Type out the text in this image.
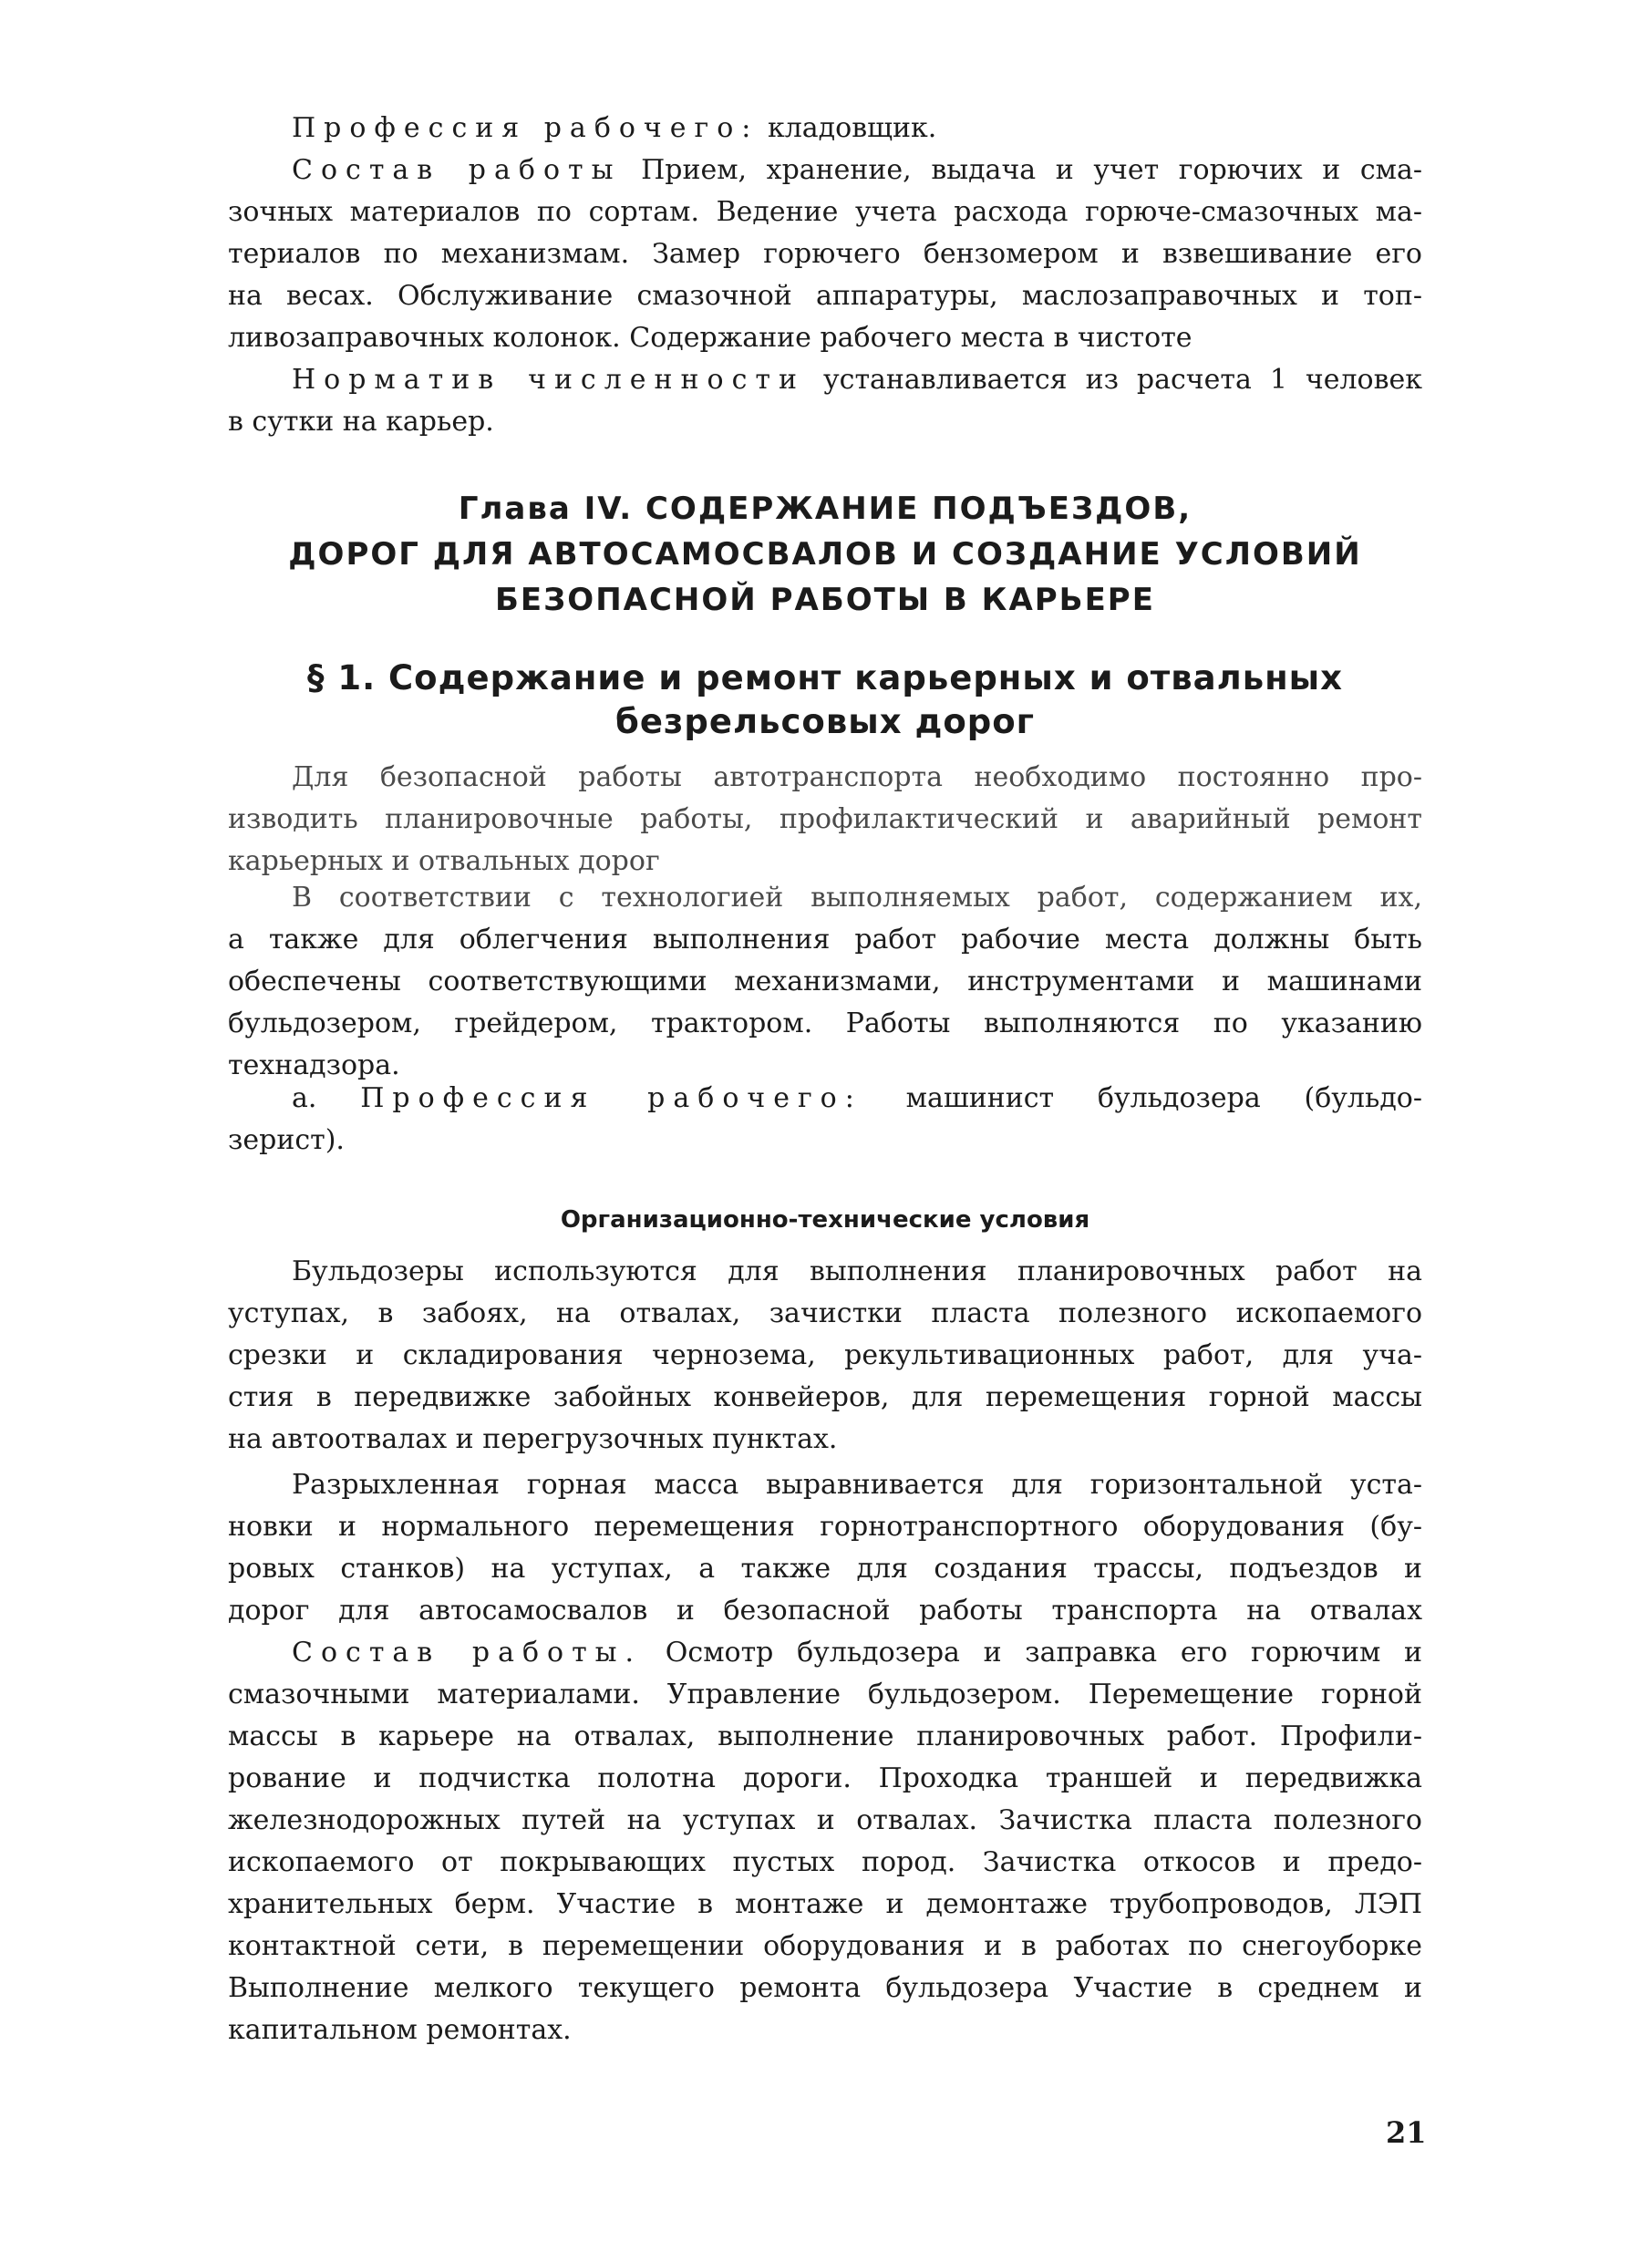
Профессия рабочего: кладовщик.

Состав работы Прием, хранение, выдача и учет горючих и сма-

зочных материалов по сортам. Ведение учета расхода горюче-смазочных ма-

териалов по механизмам. Замер горючего бензомером и взвешивание его

на весах. Обслуживание смазочной аппаратуры, маслозаправочных и топ-

ливозаправочных колонок. Содержание рабочего места в чистоте

Норматив численности устанавливается из расчета 1 человек

в сутки на карьер.

Глава IV. СОДЕРЖАНИЕ ПОДЪЕЗДОВ,

ДОРОГ ДЛЯ АВТОСАМОСВАЛОВ И СОЗДАНИЕ УСЛОВИЙ

БЕЗОПАСНОЙ РАБОТЫ В КАРЬЕРЕ

§ 1. Содержание и ремонт карьерных и отвальных

безрельсовых дорог

Для безопасной работы автотранспорта необходимо постоянно про-

изводить планировочные работы, профилактический и аварийный ремонт

карьерных и отвальных дорог

В соответствии с технологией выполняемых работ, содержанием их,

а также для облегчения выполнения работ рабочие места должны быть

обеспечены соответствующими механизмами, инструментами и машинами

бульдозером, грейдером, трактором. Работы выполняются по указанию

технадзора.

а. Профессия рабочего: машинист бульдозера (бульдо-

зерист).

Организационно-технические условия

Бульдозеры используются для выполнения планировочных работ на

уступах, в забоях, на отвалах, зачистки пласта полезного ископаемого

срезки и складирования чернозема, рекультивационных работ, для уча-

стия в передвижке забойных конвейеров, для перемещения горной массы

на автоотвалах и перегрузочных пунктах.

Разрыхленная горная масса выравнивается для горизонтальной уста-

новки и нормального перемещения горнотранспортного оборудования (бу-

ровых станков) на уступах, а также для создания трассы, подъездов и

дорог для автосамосвалов и безопасной работы транспорта на отвалах

Состав работы. Осмотр бульдозера и заправка его горючим и

смазочными материалами. Управление бульдозером. Перемещение горной

массы в карьере на отвалах, выполнение планировочных работ. Профили-

рование и подчистка полотна дороги. Проходка траншей и передвижка

железнодорожных путей на уступах и отвалах. Зачистка пласта полезного

ископаемого от покрывающих пустых пород. Зачистка откосов и предо-

хранительных берм. Участие в монтаже и демонтаже трубопроводов, ЛЭП

контактной сети, в перемещении оборудования и в работах по снегоуборке

Выполнение мелкого текущего ремонта бульдозера Участие в среднем и

капитальном ремонтах.

21
